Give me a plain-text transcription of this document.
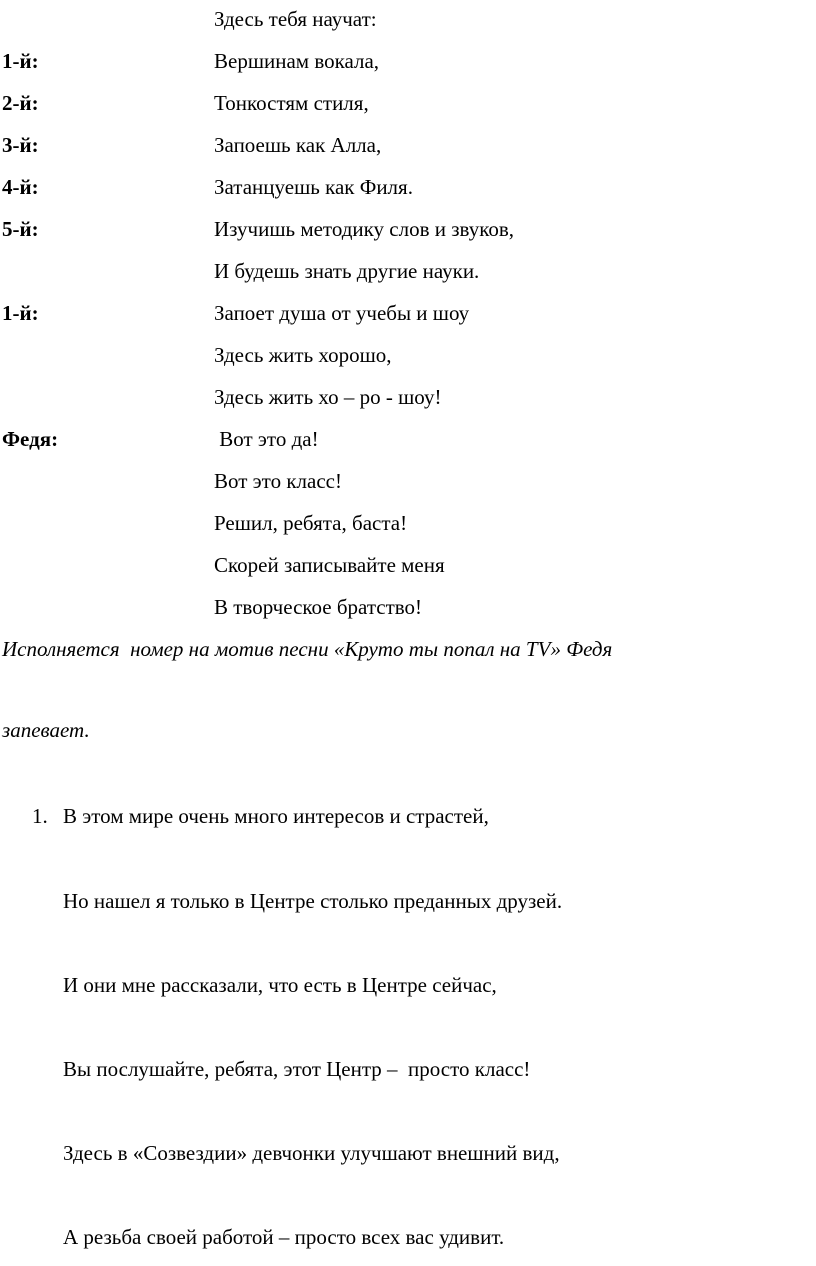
Здесь тебя научат:
1-й:	Вершинам вокала,
2-й:	Тонкостям стиля,
3-й:	Запоешь как Алла,
4-й:	Затанцуешь как Филя.
5-й:	Изучишь методику слов и звуков,
И будешь знать другие науки.
1-й:	Запоет душа от учебы и шоу
Здесь жить хорошо,
Здесь жить хо – ро - шоу!
Федя:	Вот это да!
Вот это класс!
Решил, ребята, баста!
Скорей записывайте меня
В творческое братство!
Исполняется  номер на мотив песни «Круто ты попал на TV» Федя
запевает.
1. В этом мире очень много интересов и страстей,
Но нашел я только в Центре столько преданных друзей.
И они мне рассказали, что есть в Центре сейчас,
Вы послушайте, ребята, этот Центр –  просто класс!
Здесь в «Созвездии» девчонки улучшают внешний вид,
А резьба своей работой – просто всех вас удивит.
